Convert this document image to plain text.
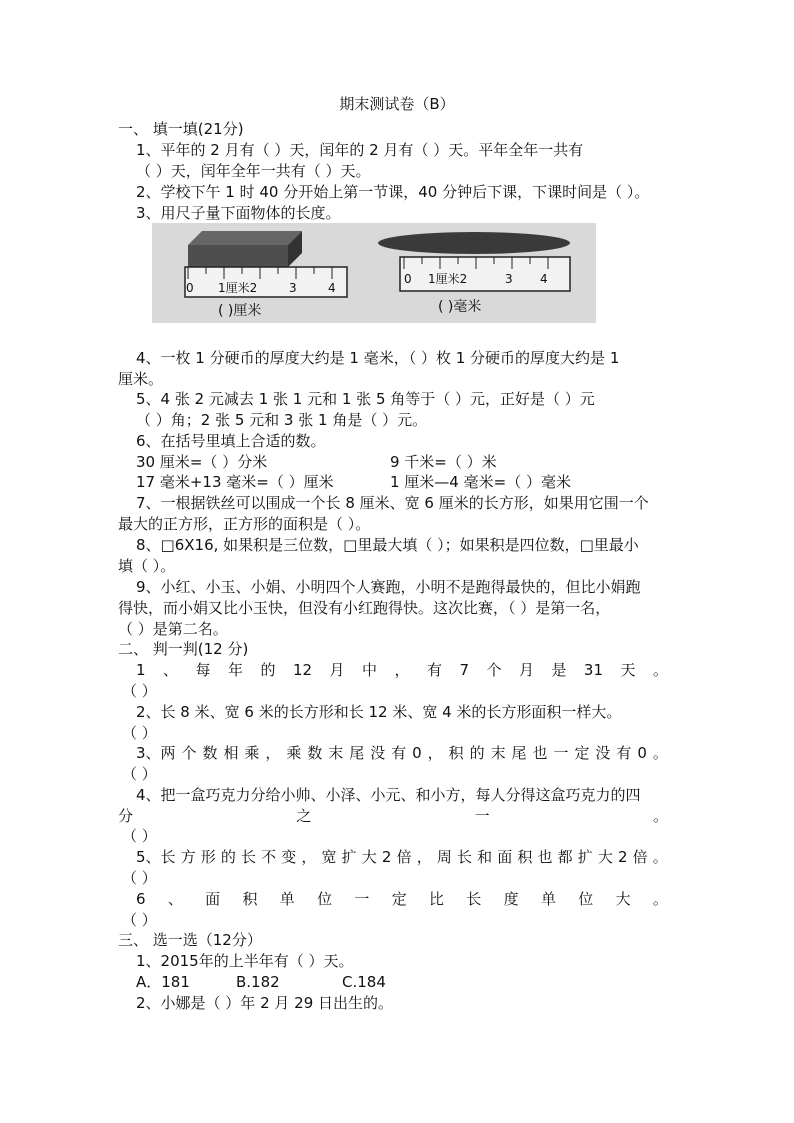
期末测试卷（B）
一、 填一填(21分)
1、平年的 2 月有（ ）天，闰年的 2 月有（ ）天。平年全年一共有
（ ）天，闰年全年一共有（ ）天。
2、学校下午 1 时 40 分开始上第一节课，40 分钟后下课，下课时间是（ ）。
3、用尺子量下面物体的长度。
0 1厘米2	3	4
( )厘米
0 1厘米2	3 4
( )毫米
4、一枚 1 分硬币的厚度大约是 1 毫米，（ ）枚 1 分硬币的厚度大约是 1
厘米。
5、4 张 2 元减去 1 张 1 元和 1 张 5 角等于（ ）元，正好是（ ）元
（ ）角；2 张 5 元和 3 张 1 角是（ ）元。
6、在括号里填上合适的数。
30 厘米=（ ）分米	9 千米=（ ）米
17 毫米+13 毫米=（ ）厘米	1 厘米—4 毫米=（ ）毫米
7、一根据铁丝可以围成一个长 8 厘米、宽 6 厘米的长方形，如果用它围一个
最大的正方形，正方形的面积是（ ）。
8、□6X16, 如果积是三位数，□里最大填（ ）；如果积是四位数，□里最小
填（ ）。
9、小红、小玉、小娟、小明四个人赛跑，小明不是跑得最快的，但比小娟跑
得快，而小娟又比小玉快，但没有小红跑得快。这次比赛，（ ）是第一名，
（ ）是第二名。
二、 判一判(12 分)
1 、 每 年 的 12 月 中 ， 有 7 个 月 是 31 天 。
（ ）
2、长 8 米、宽 6 米的长方形和长 12 米、宽 4 米的长方形面积一样大。
（ ）
3、两 个 数 相 乘 ， 乘 数 末 尾 没 有 0 ， 积 的 末 尾 也 一 定 没 有 0 。
（ ）
4、把一盒巧克力分给小帅、小泽、小元、和小方，每人分得这盒巧克力的四
分	之	一	。
（ ）
5、长 方 形 的 长 不 变 ， 宽 扩 大 2 倍 ， 周 长 和 面 积 也 都 扩 大 2 倍 。
（ ）
6 、 面 积 单 位 一 定 比 长 度 单 位 大 。
（ ）
三、 选一选（12分）
1、2015年的上半年有（ ）天。
A．181	B.182	C.184
2、小娜是（ ）年 2 月 29 日出生的。
